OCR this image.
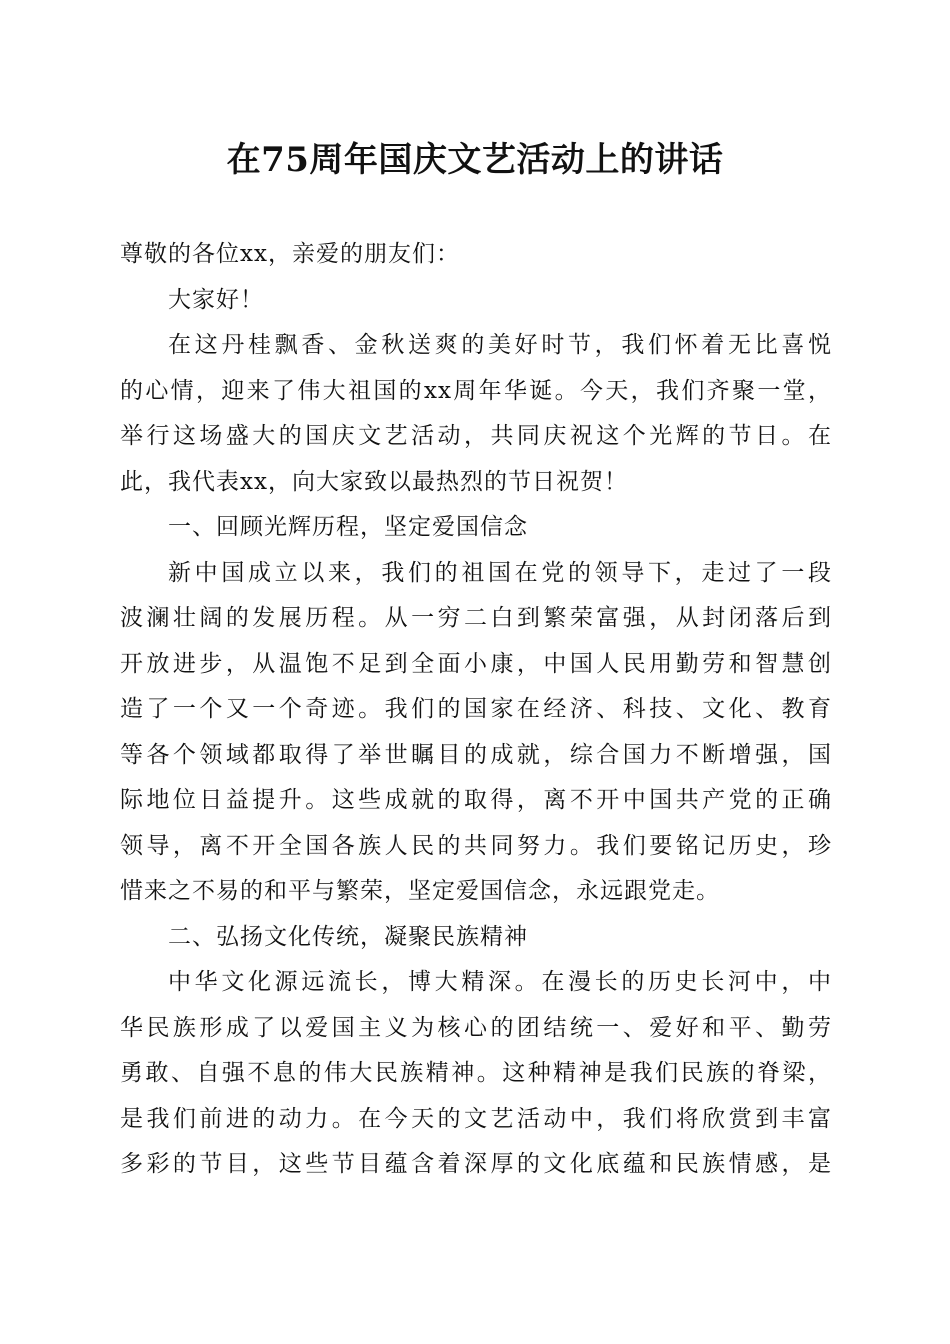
在75周年国庆文艺活动上的讲话
尊敬的各位xx，亲爱的朋友们：
大家好！
在这丹桂飘香、金秋送爽的美好时节，我们怀着无比喜悦
的心情，迎来了伟大祖国的xx周年华诞。今天，我们齐聚一堂，
举行这场盛大的国庆文艺活动，共同庆祝这个光辉的节日。在
此，我代表xx，向大家致以最热烈的节日祝贺！
一、回顾光辉历程，坚定爱国信念
新中国成立以来，我们的祖国在党的领导下，走过了一段
波澜壮阔的发展历程。从一穷二白到繁荣富强，从封闭落后到
开放进步，从温饱不足到全面小康，中国人民用勤劳和智慧创
造了一个又一个奇迹。我们的国家在经济、科技、文化、教育
等各个领域都取得了举世瞩目的成就，综合国力不断增强，国
际地位日益提升。这些成就的取得，离不开中国共产党的正确
领导，离不开全国各族人民的共同努力。我们要铭记历史，珍
惜来之不易的和平与繁荣，坚定爱国信念，永远跟党走。
二、弘扬文化传统，凝聚民族精神
中华文化源远流长，博大精深。在漫长的历史长河中，中
华民族形成了以爱国主义为核心的团结统一、爱好和平、勤劳
勇敢、自强不息的伟大民族精神。这种精神是我们民族的脊梁，
是我们前进的动力。在今天的文艺活动中，我们将欣赏到丰富
多彩的节目，这些节目蕴含着深厚的文化底蕴和民族情感，是
